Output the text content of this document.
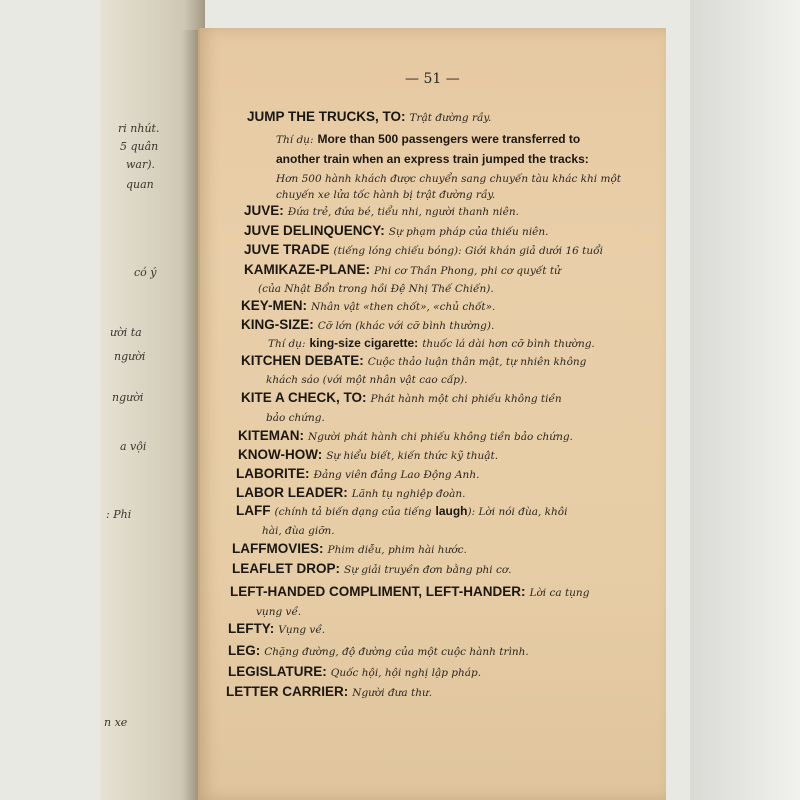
ri nhút.
5 quân
war).
quan
có ý
ười ta
người
người
a vội
: Phi
n xe
— 51 —
JUMP THE TRUCKS, TO: Trật đường rầy.
Thí dụ: More than 500 passengers were transferred to
another train when an express train jumped the tracks:
Hơn 500 hành khách được chuyển sang chuyến tàu khác khi một
chuyến xe lửa tốc hành bị trật đường rầy.
JUVE: Đứa trẻ, đứa bé, tiểu nhi, người thanh niên.
JUVE DELINQUENCY: Sự phạm pháp của thiếu niên.
JUVE TRADE (tiếng lóng chiếu bóng): Giới khán giả dưới 16 tuổi
KAMIKAZE-PLANE: Phi cơ Thần Phong, phi cơ quyết tử
(của Nhật Bổn trong hồi Đệ Nhị Thế Chiến).
KEY-MEN: Nhân vật «then chốt», «chủ chốt».
KING-SIZE: Cỡ lớn (khác với cỡ bình thường).
Thí dụ: king-size cigarette: thuốc lá dài hơn cỡ bình thường.
KITCHEN DEBATE: Cuộc thảo luận thân mật, tự nhiên không
khách sáo (với một nhân vật cao cấp).
KITE A CHECK, TO: Phát hành một chi phiếu không tiền
bảo chứng.
KITEMAN: Người phát hành chi phiếu không tiền bảo chứng.
KNOW-HOW: Sự hiểu biết, kiến thức kỹ thuật.
LABORITE: Đảng viên đảng Lao Động Anh.
LABOR LEADER: Lãnh tụ nghiệp đoàn.
LAFF (chính tả biến dạng của tiếng laugh): Lời nói đùa, khôi
hài, đùa giỡn.
LAFFMOVIES: Phim diễu, phim hài hước.
LEAFLET DROP: Sự giải truyền đơn bằng phi cơ.
LEFT-HANDED COMPLIMENT, LEFT-HANDER: Lời ca tụng
vụng về.
LEFTY: Vụng về.
LEG: Chặng đường, độ đường của một cuộc hành trình.
LEGISLATURE: Quốc hội, hội nghị lập pháp.
LETTER CARRIER: Người đưa thư.
